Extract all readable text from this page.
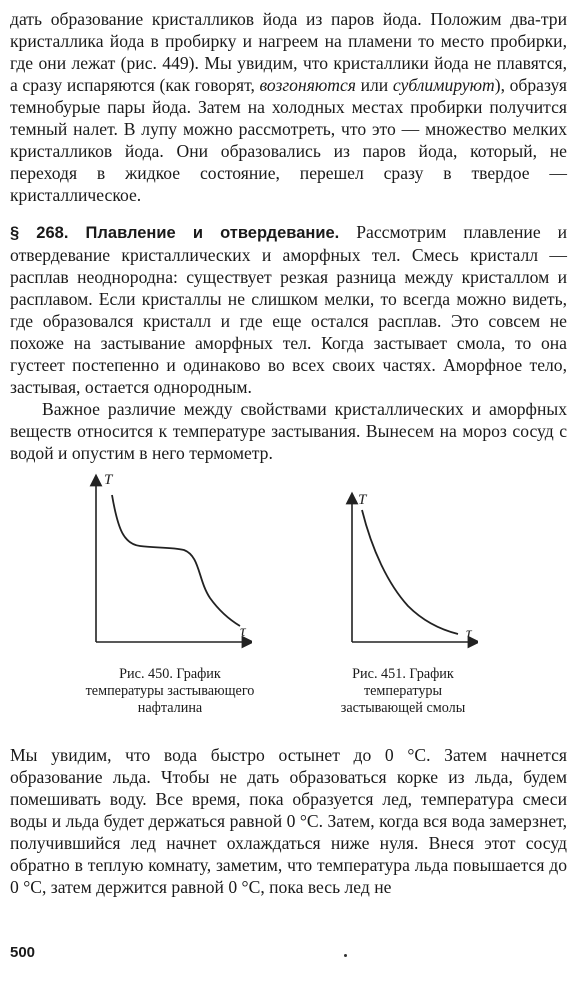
дать образование кристалликов йода из паров йода. Положим два-три кристаллика йода в пробирку и нагреем на пламени то место пробирки, где они лежат (рис. 449). Мы увидим, что кристаллики йода не плавятся, а сразу испаряются (как говорят, возгоняются или сублимируют), образуя темнобурые пары йода. Затем на холодных местах пробирки получится темный налет. В лупу можно рассмотреть, что это — множество мелких кристалликов йода. Они образовались из паров йода, который, не переходя в жидкое состояние, перешел сразу в твердое — кристаллическое.

§ 268. Плавление и отвердевание. Рассмотрим плавление и отвердевание кристаллических и аморфных тел. Смесь кристалл — расплав неоднородна: существует резкая разница между кристаллом и расплавом. Если кристаллы не слишком мелки, то всегда можно видеть, где образовался кристалл и где еще остался расплав. Это совсем не похоже на застывание аморфных тел. Когда застывает смола, то она густеет постепенно и одинаково во всех своих частях. Аморфное тело, застывая, остается однородным.

Важное различие между свойствами кристаллических и аморфных веществ относится к температуре застывания. Вынесем на мороз сосуд с водой и опустим в него термометр.

T
τ
Рис. 450. График температуры застывающего нафталина
T
τ
Рис. 451. График температуры застывающей смолы

Мы увидим, что вода быстро остынет до 0 °С. Затем начнется образование льда. Чтобы не дать образоваться корке из льда, будем помешивать воду. Все время, пока образуется лед, температура смеси воды и льда будет держаться равной 0 °С. Затем, когда вся вода замерзнет, получившийся лед начнет охлаждаться ниже нуля. Внеся этот сосуд обратно в теплую комнату, заметим, что температура льда повышается до 0 °С, затем держится равной 0 °С, пока весь лед не

500
